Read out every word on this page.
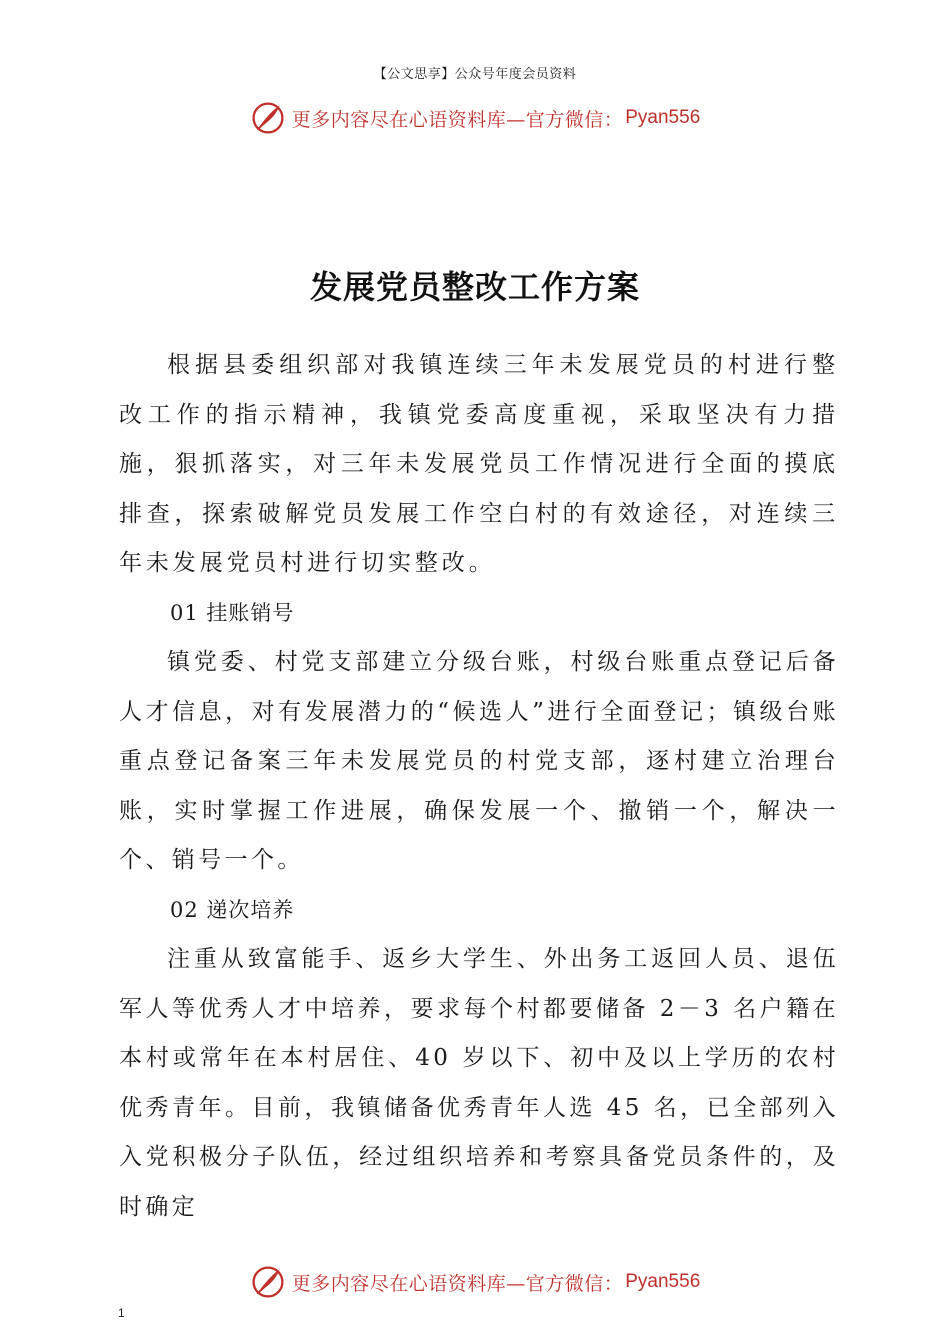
【公文思享】公众号年度会员资料
更多内容尽在心语资料库—官方微信： Pyan556
发展党员整改工作方案

根据县委组织部对我镇连续三年未发展党员的村进行整改工作的指示精神，我镇党委高度重视，采取坚决有力措施，狠抓落实，对三年未发展党员工作情况进行全面的摸底排查，探索破解党员发展工作空白村的有效途径，对连续三年未发展党员村进行切实整改。

01 挂账销号

镇党委、村党支部建立分级台账，村级台账重点登记后备人才信息，对有发展潜力的“候选人”进行全面登记；镇级台账重点登记备案三年未发展党员的村党支部，逐村建立治理台账，实时掌握工作进展，确保发展一个、撤销一个，解决一个、销号一个。

02 递次培养

注重从致富能手、返乡大学生、外出务工返回人员、退伍军人等优秀人才中培养，要求每个村都要储备 2－3 名户籍在本村或常年在本村居住、40 岁以下、初中及以上学历的农村优秀青年。目前，我镇储备优秀青年人选 45 名，已全部列入入党积极分子队伍，经过组织培养和考察具备党员条件的，及时确定

更多内容尽在心语资料库—官方微信： Pyan556
1
